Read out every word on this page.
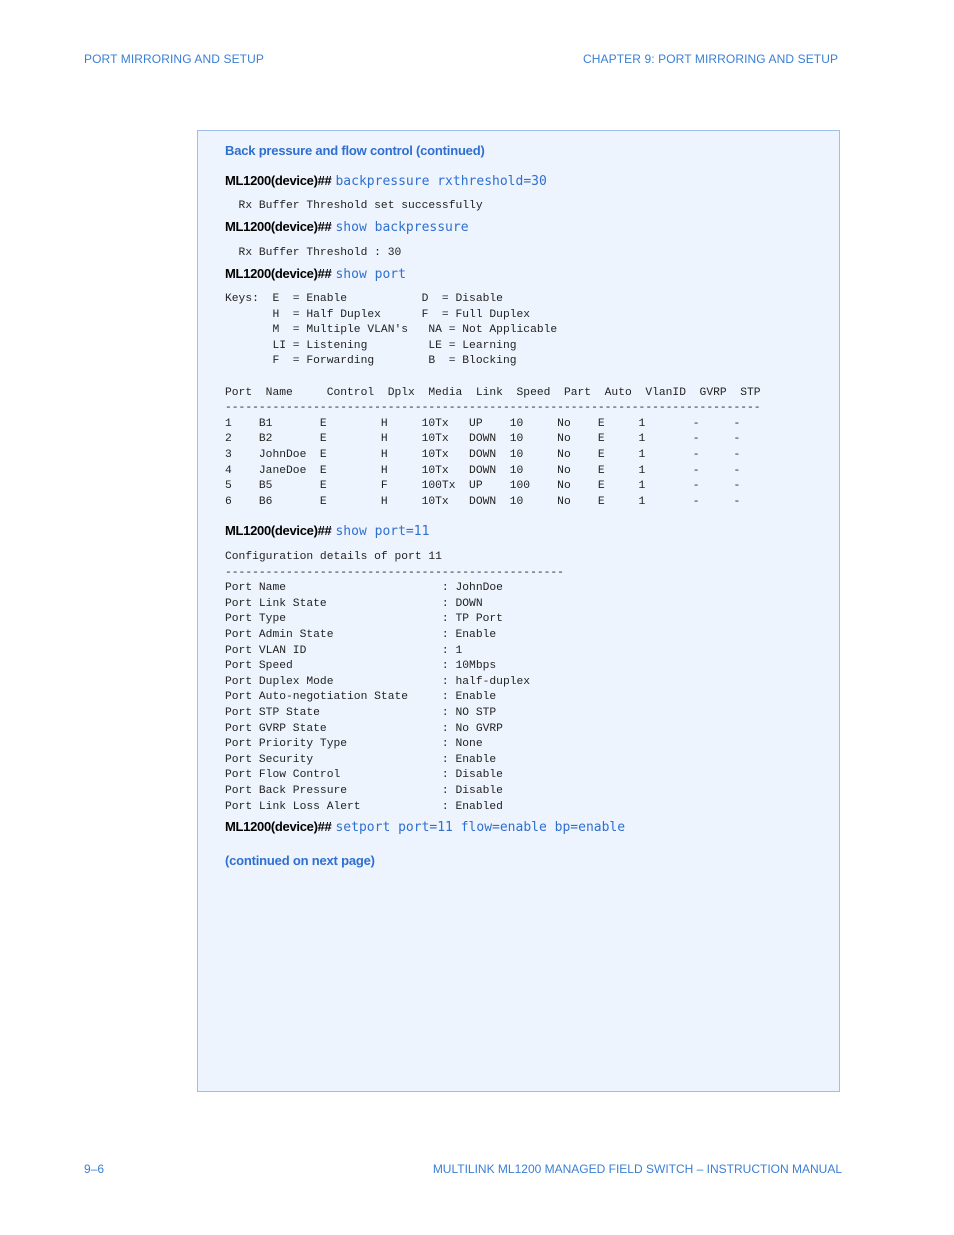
PORT MIRRORING AND SETUP	CHAPTER 9: PORT MIRRORING AND SETUP
Back pressure and flow control (continued)
ML1200(device)## backpressure rxthreshold=30
Rx Buffer Threshold set successfully
ML1200(device)## show backpressure
Rx Buffer Threshold : 30
ML1200(device)## show port
Keys:  E  = Enable           D  = Disable
H  = Half Duplex      F  = Full Duplex
M  = Multiple VLAN's   NA = Not Applicable
LI = Listening         LE = Learning
F  = Forwarding        B  = Blocking

Port  Name     Control  Dplx  Media  Link  Speed  Part  Auto  VlanID  GVRP  STP
-------------------------------------------------------------------------------
1    B1       E        H     10Tx   UP    10     No    E     1       -     -
2    B2       E        H     10Tx   DOWN  10     No    E     1       -     -
3    JohnDoe  E        H     10Tx   DOWN  10     No    E     1       -     -
4    JaneDoe  E        H     10Tx   DOWN  10     No    E     1       -     -
5    B5       E        F     100Tx  UP    100    No    E     1       -     -
6    B6       E        H     10Tx   DOWN  10     No    E     1       -     -
ML1200(device)## show port=11
Configuration details of port 11
--------------------------------------------------
Port Name                       : JohnDoe
Port Link State                 : DOWN
Port Type                       : TP Port
Port Admin State                : Enable
Port VLAN ID                    : 1
Port Speed                      : 10Mbps
Port Duplex Mode                : half-duplex
Port Auto-negotiation State     : Enable
Port STP State                  : NO STP
Port GVRP State                 : No GVRP
Port Priority Type              : None
Port Security                   : Enable
Port Flow Control               : Disable
Port Back Pressure              : Disable
Port Link Loss Alert            : Enabled
ML1200(device)## setport port=11 flow=enable bp=enable
(continued on next page)
9–6	MULTILINK ML1200 MANAGED FIELD SWITCH – INSTRUCTION MANUAL
